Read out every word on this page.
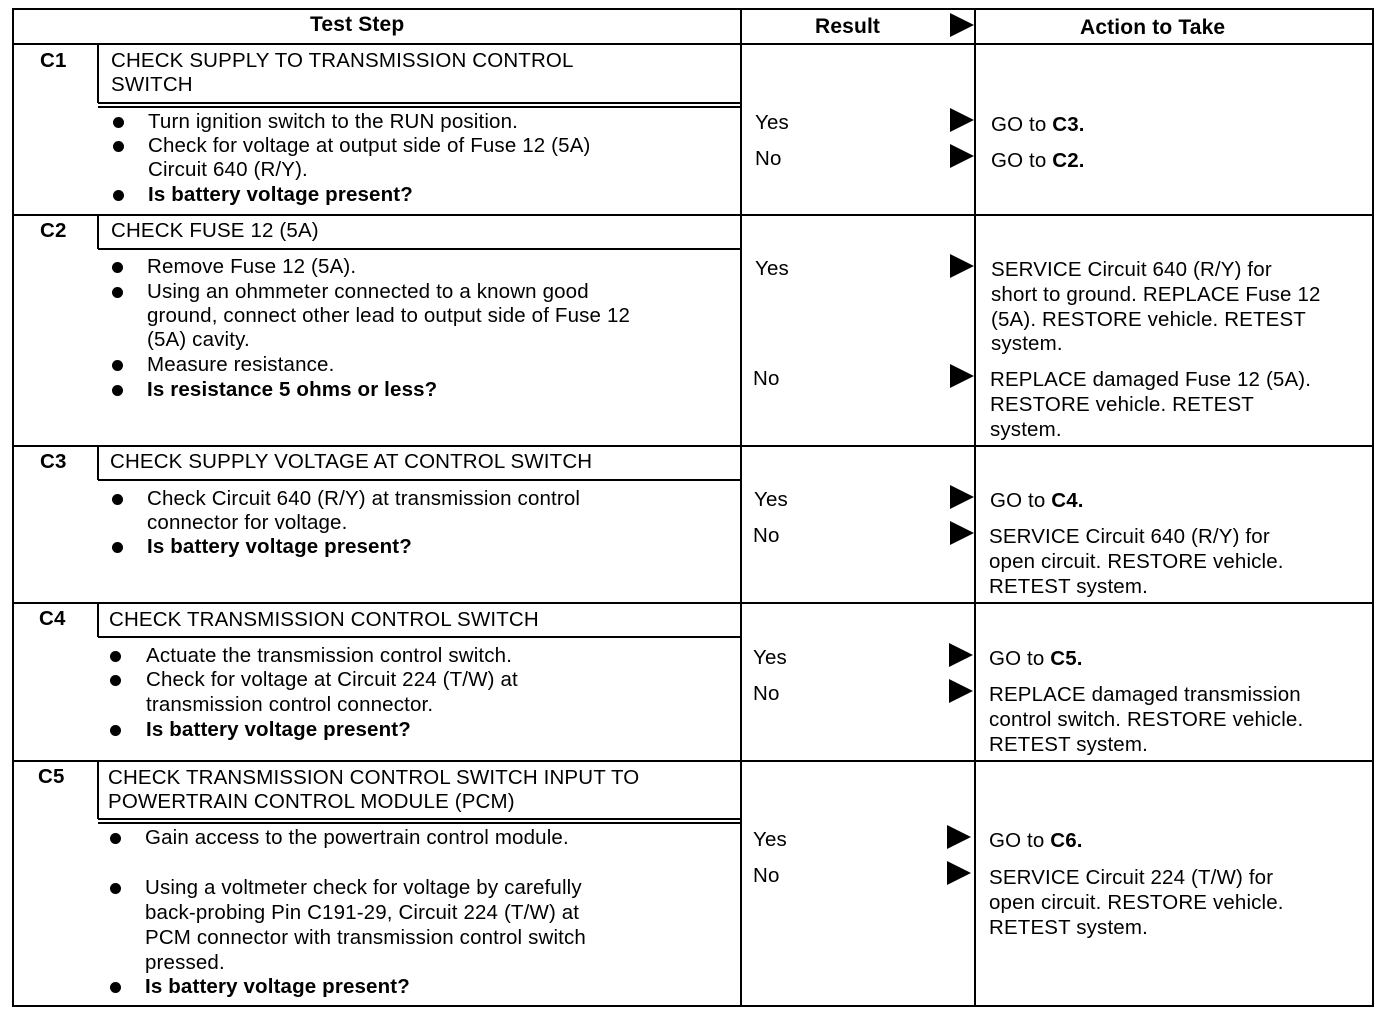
Test Step	Result	Action to Take
C1 CHECK SUPPLY TO TRANSMISSION CONTROL
SWITCH
Turn ignition switch to the RUN position.
Check for voltage at output side of Fuse 12 (5A)
Circuit 640 (R/Y).
Is battery voltage present?
Yes	GO to C3.
No	GO to C2.
C2 CHECK FUSE 12 (5A)
Remove Fuse 12 (5A).
Using an ohmmeter connected to a known good
ground, connect other lead to output side of Fuse 12
(5A) cavity.
Measure resistance.
Is resistance 5 ohms or less?
Yes	SERVICE Circuit 640 (R/Y) for
short to ground. REPLACE Fuse 12
(5A). RESTORE vehicle. RETEST
system.
No	REPLACE damaged Fuse 12 (5A).
RESTORE vehicle. RETEST
system.
C3 CHECK SUPPLY VOLTAGE AT CONTROL SWITCH
Check Circuit 640 (R/Y) at transmission control
connector for voltage.
Is battery voltage present?
Yes	GO to C4.
No	SERVICE Circuit 640 (R/Y) for
open circuit. RESTORE vehicle.
RETEST system.
C4 CHECK TRANSMISSION CONTROL SWITCH
Actuate the transmission control switch.
Check for voltage at Circuit 224 (T/W) at
transmission control connector.
Is battery voltage present?
Yes	GO to C5.
No	REPLACE damaged transmission
control switch. RESTORE vehicle.
RETEST system.
C5 CHECK TRANSMISSION CONTROL SWITCH INPUT TO
POWERTRAIN CONTROL MODULE (PCM)
Gain access to the powertrain control module.
Using a voltmeter check for voltage by carefully
back-probing Pin C191-29, Circuit 224 (T/W) at
PCM connector with transmission control switch
pressed.
Is battery voltage present?
Yes	GO to C6.
No	SERVICE Circuit 224 (T/W) for
open circuit. RESTORE vehicle.
RETEST system.
